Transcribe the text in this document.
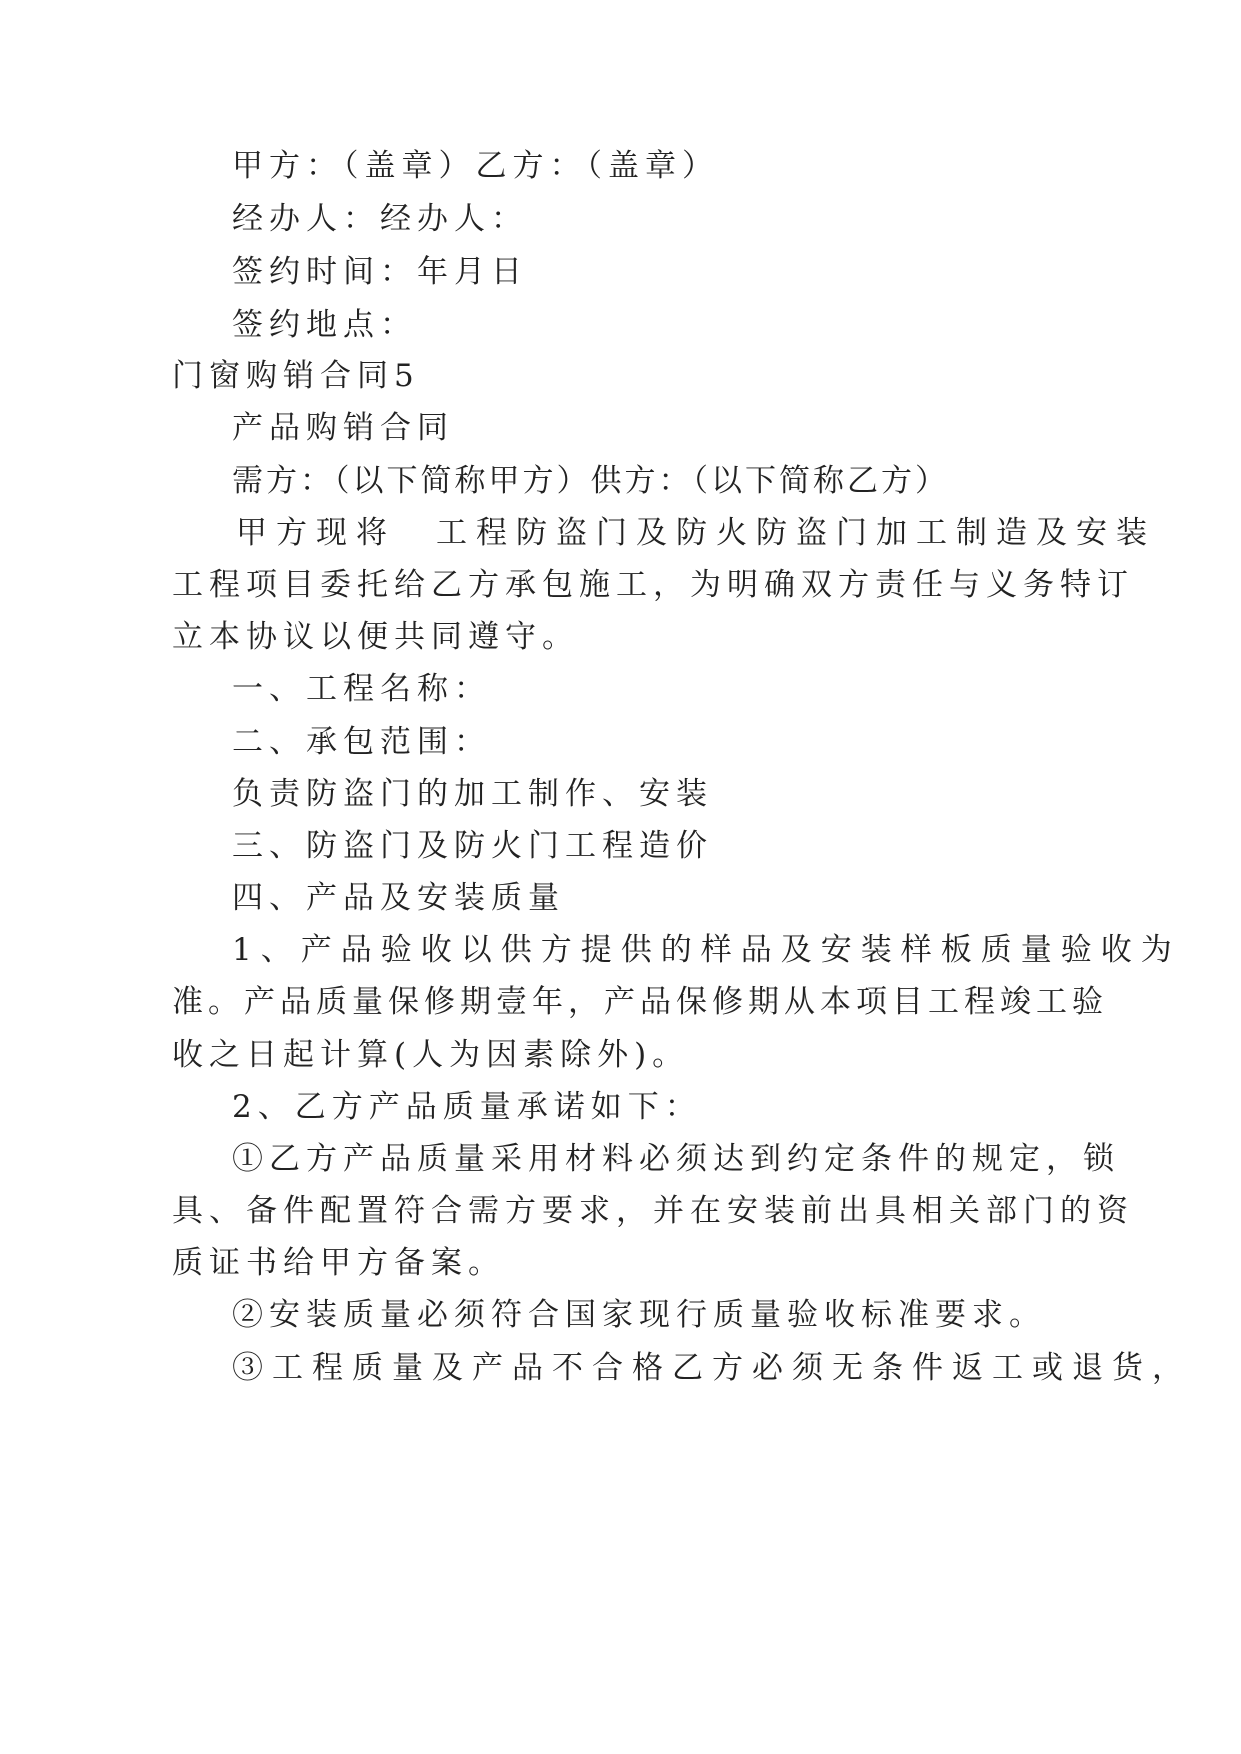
甲方：（盖章）乙方：（盖章）
经办人：经办人：
签约时间：年月日
签约地点：
门窗购销合同5
产品购销合同
需方：（以下简称甲方）供方：（以下简称乙方）
甲方现将　工程防盗门及防火防盗门加工制造及安装
工程项目委托给乙方承包施工，为明确双方责任与义务特订
立本协议以便共同遵守。
一、工程名称：
二、承包范围：
负责防盗门的加工制作、安装
三、防盗门及防火门工程造价
四、产品及安装质量
1、产品验收以供方提供的样品及安装样板质量验收为
准。产品质量保修期壹年，产品保修期从本项目工程竣工验
收之日起计算(人为因素除外)。
2、乙方产品质量承诺如下：
①乙方产品质量采用材料必须达到约定条件的规定，锁
具、备件配置符合需方要求，并在安装前出具相关部门的资
质证书给甲方备案。
②安装质量必须符合国家现行质量验收标准要求。
③工程质量及产品不合格乙方必须无条件返工或退货，
